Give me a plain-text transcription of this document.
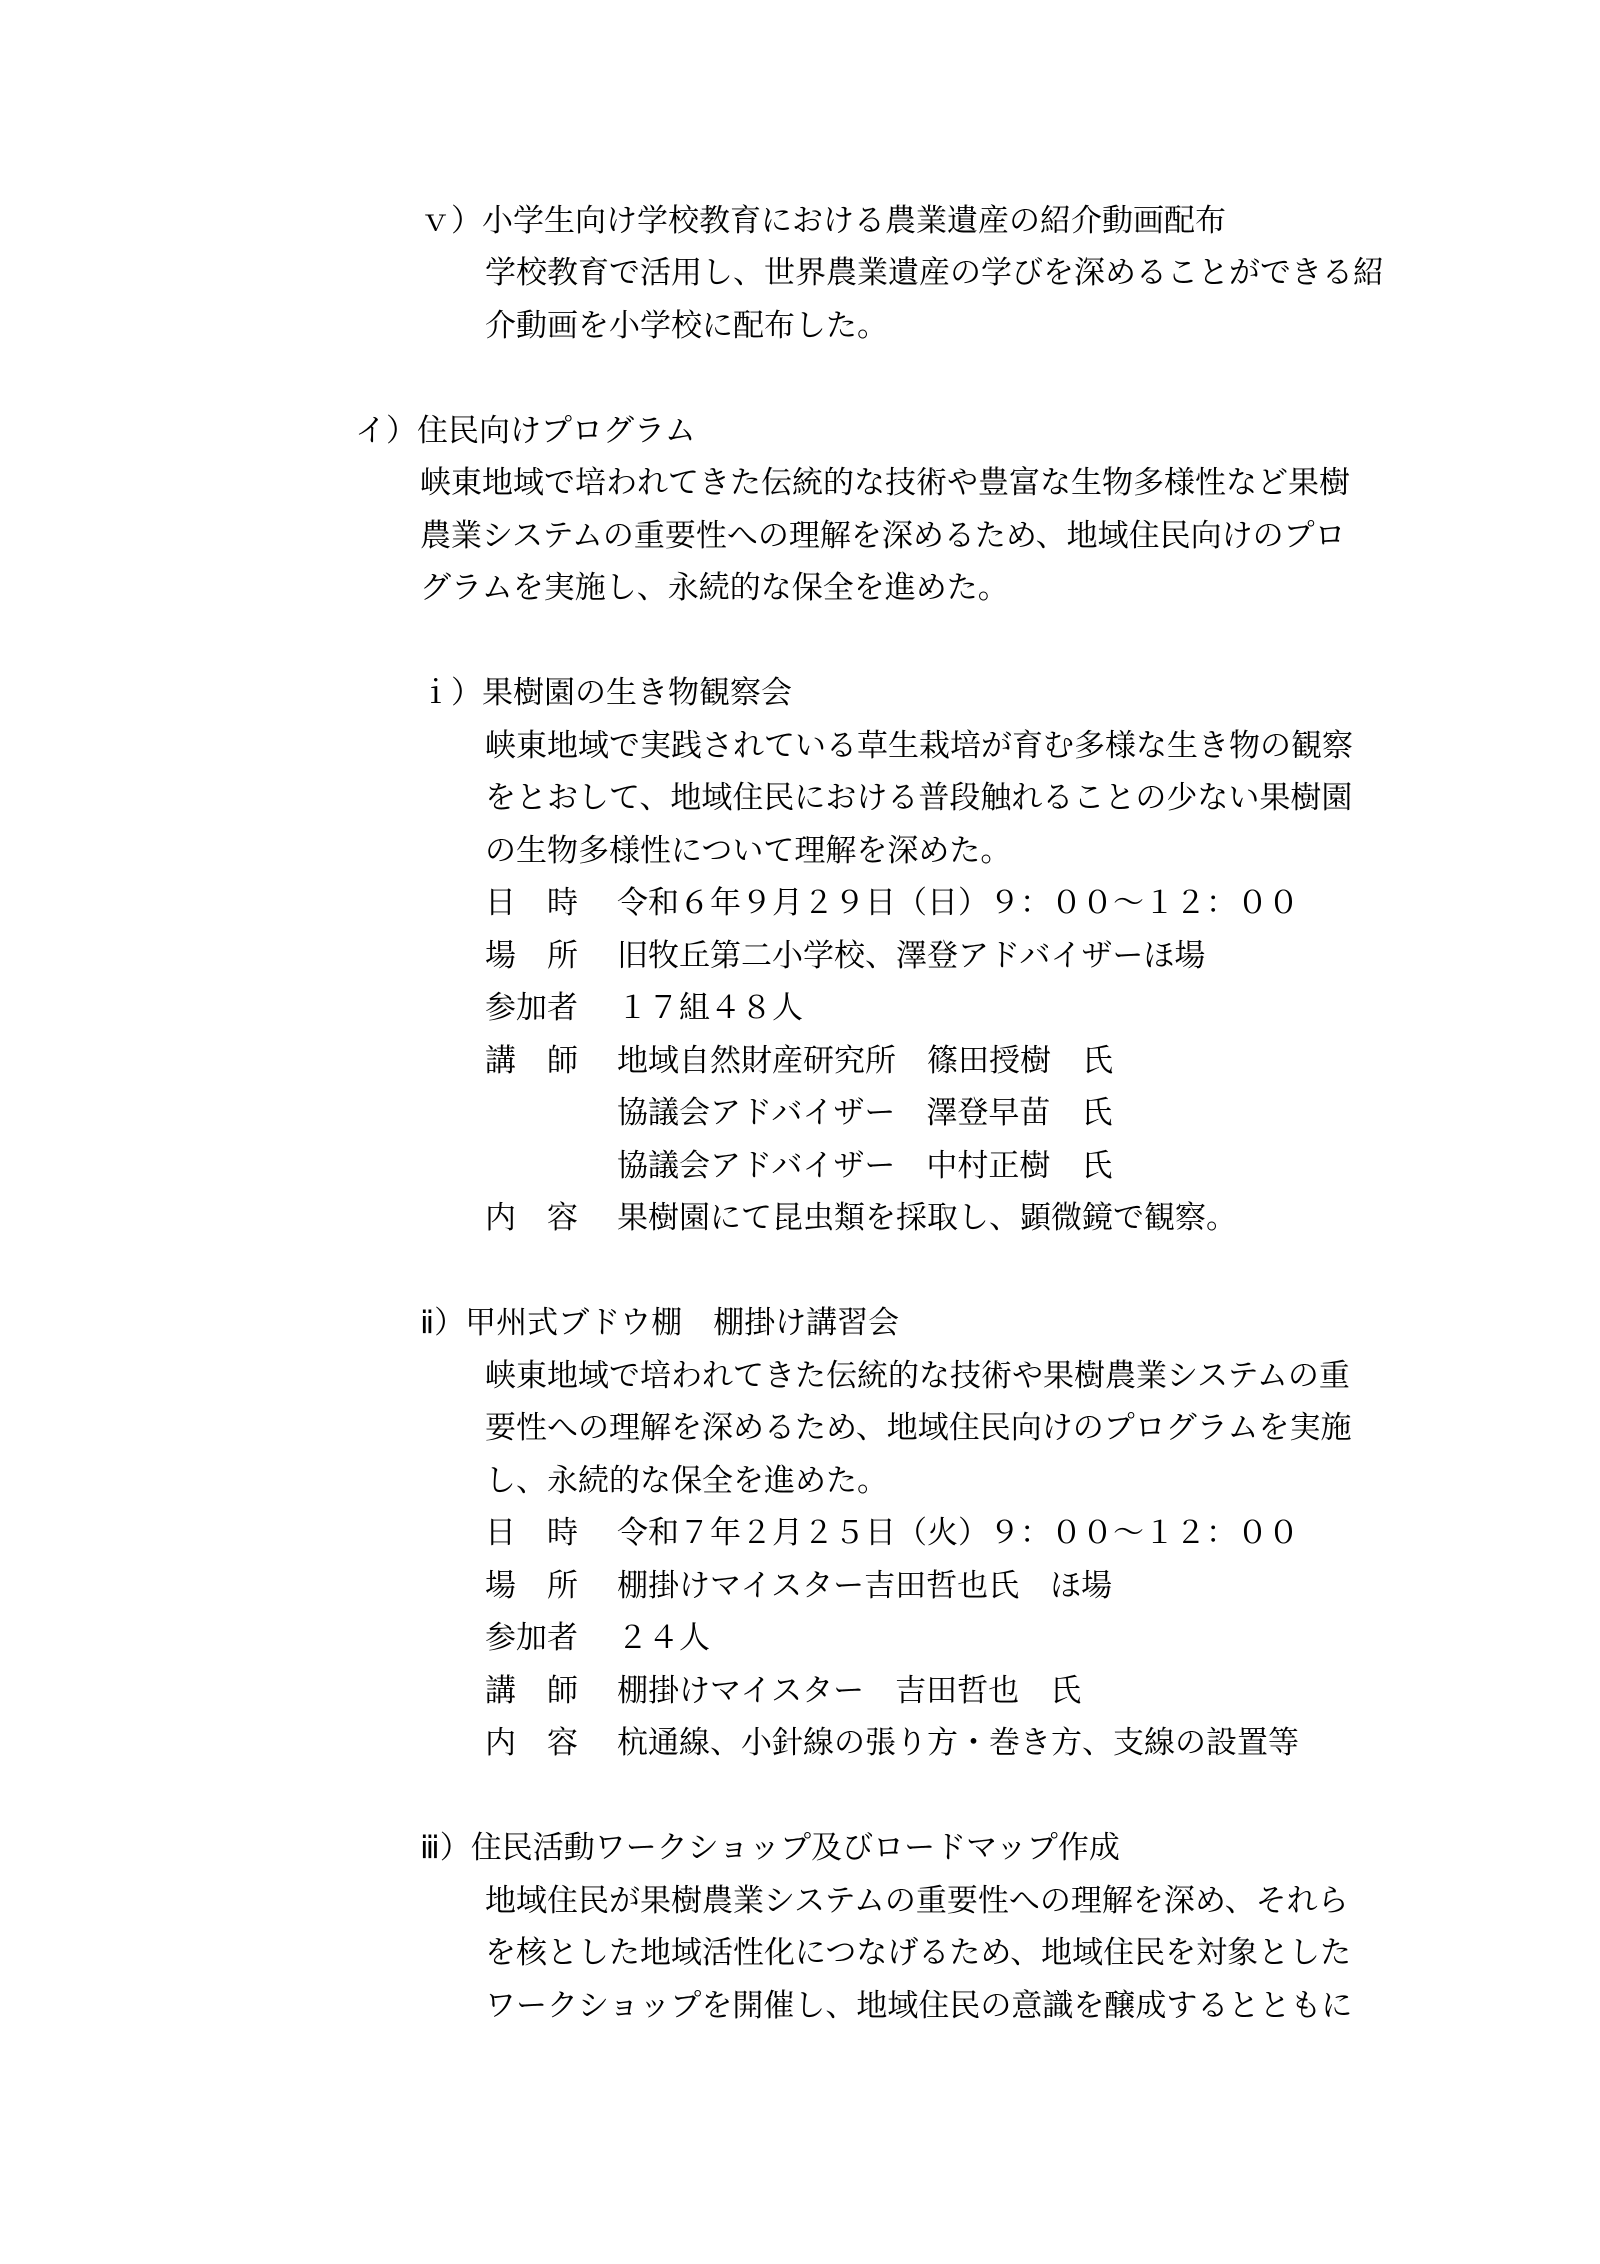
ｖ）小学生向け学校教育における農業遺産の紹介動画配布
学校教育で活用し、世界農業遺産の学びを深めることができる紹
介動画を小学校に配布した。
イ）住民向けプログラム
峡東地域で培われてきた伝統的な技術や豊富な生物多様性など果樹
農業システムの重要性への理解を深めるため、地域住民向けのプロ
グラムを実施し、永続的な保全を進めた。
ｉ）果樹園の生き物観察会
峡東地域で実践されている草生栽培が育む多様な生き物の観察
をとおして、地域住民における普段触れることの少ない果樹園
の生物多様性について理解を深めた。
日　時 令和６年９月２９日（日）９：００～１２：００
場　所 旧牧丘第二小学校、澤登アドバイザーほ場
参加者 １７組４８人
講　師 地域自然財産研究所　篠田授樹　氏
協議会アドバイザー　澤登早苗　氏
協議会アドバイザー　中村正樹　氏
内　容 果樹園にて昆虫類を採取し、顕微鏡で観察。
ⅱ）甲州式ブドウ棚　棚掛け講習会
峡東地域で培われてきた伝統的な技術や果樹農業システムの重
要性への理解を深めるため、地域住民向けのプログラムを実施
し、永続的な保全を進めた。
日　時 令和７年２月２５日（火）９：００～１２：００
場　所 棚掛けマイスター吉田哲也氏　ほ場
参加者 ２４人
講　師 棚掛けマイスター　吉田哲也　氏
内　容 杭通線、小針線の張り方・巻き方、支線の設置等
ⅲ）住民活動ワークショップ及びロードマップ作成
地域住民が果樹農業システムの重要性への理解を深め、それら
を核とした地域活性化につなげるため、地域住民を対象とした
ワークショップを開催し、地域住民の意識を醸成するとともに
